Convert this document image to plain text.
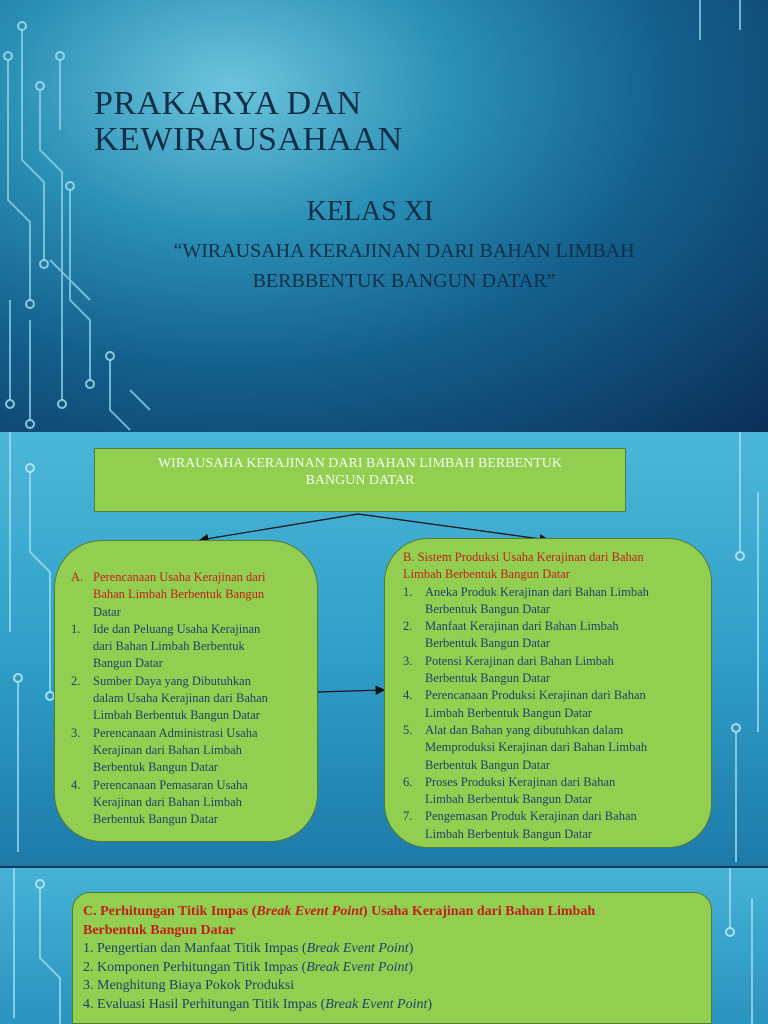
PRAKARYA DAN
KEWIRAUSAHAAN
KELAS XI
“WIRAUSAHA KERAJINAN DARI BAHAN LIMBAH
BERBBENTUK BANGUN DATAR”
WIRAUSAHA KERAJINAN DARI BAHAN LIMBAH BERBENTUK
BANGUN DATAR
A. Perencanaan Usaha Kerajinan dari
Bahan Limbah Berbentuk Bangun
Datar
1.	Ide dan Peluang Usaha Kerajinan
dari Bahan Limbah Berbentuk
Bangun Datar
2.	Sumber Daya yang Dibutuhkan
dalam Usaha Kerajinan dari Bahan
Limbah Berbentuk Bangun Datar
3.	Perencanaan Administrasi Usaha
Kerajinan dari Bahan Limbah
Berbentuk Bangun Datar
4.	Perencanaan Pemasaran Usaha
Kerajinan dari Bahan Limbah
Berbentuk Bangun Datar
B. Sistem Produksi Usaha Kerajinan dari Bahan
Limbah Berbentuk Bangun Datar
1.	Aneka Produk Kerajinan dari Bahan Limbah
Berbentuk Bangun Datar
2.	Manfaat Kerajinan dari Bahan Limbah
Berbentuk Bangun Datar
3.	Potensi Kerajinan dari Bahan Limbah
Berbentuk Bangun Datar
4.	Perencanaan Produksi Kerajinan dari Bahan
Limbah Berbentuk Bangun Datar
5.	Alat dan Bahan yang dibutuhkan dalam
Memproduksi Kerajinan dari Bahan Limbah
Berbentuk Bangun Datar
6.	Proses Produksi Kerajinan dari Bahan
Limbah Berbentuk Bangun Datar
7.	Pengemasan Produk Kerajinan dari Bahan
Limbah Berbentuk Bangun Datar
C. Perhitungan Titik Impas (Break Event Point) Usaha Kerajinan dari Bahan Limbah
Berbentuk Bangun Datar
1. Pengertian dan Manfaat Titik Impas (Break Event Point)
2. Komponen Perhitungan Titik Impas (Break Event Point)
3. Menghitung Biaya Pokok Produksi
4. Evaluasi Hasil Perhitungan Titik Impas (Break Event Point)
